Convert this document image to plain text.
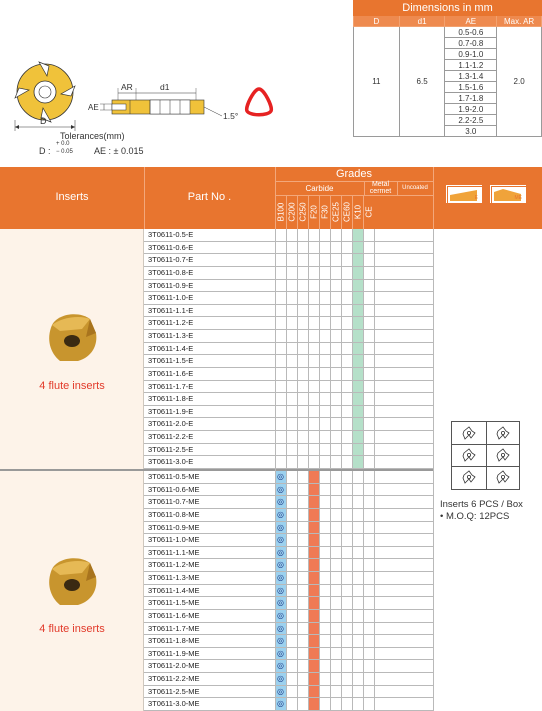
D
AR	d1
AE
1.5°
Tolerances(mm)
D :
+ 0.0
− 0.05 AE : ± 0.015
Dimensions in mm			
D	d1	AE	Max. AR
11	6.5	0.5-0.6	2.0
		0.7-0.8	
		0.9-1.0	
		1.1-1.2	
		1.3-1.4	
		1.5-1.6	
		1.7-1.8	
		1.9-2.0	
		2.2-2.5	
		3.0	
Inserts	Part No .
Grades
Carbide	Metal cermet	Uncoated
B100 C200 C250 F20 F30 CE25 CE60 K10 CE
E	ME
4 flute inserts
4 flute inserts
3T0611-0.5-E
3T0611-0.6-E
3T0611-0.7-E
3T0611-0.8-E
3T0611-0.9-E
3T0611-1.0-E
3T0611-1.1-E
3T0611-1.2-E
3T0611-1.3-E
3T0611-1.4-E
3T0611-1.5-E
3T0611-1.6-E
3T0611-1.7-E
3T0611-1.8-E
3T0611-1.9-E
3T0611-2.0-E
3T0611-2.2-E
3T0611-2.5-E
3T0611-3.0-E
3T0611-0.5-ME	◎
3T0611-0.6-ME	◎
3T0611-0.7-ME	◎
3T0611-0.8-ME	◎
3T0611-0.9-ME	◎
3T0611-1.0-ME	◎
3T0611-1.1-ME	◎
3T0611-1.2-ME	◎
3T0611-1.3-ME	◎
3T0611-1.4-ME	◎
3T0611-1.5-ME	◎
3T0611-1.6-ME	◎
3T0611-1.7-ME	◎
3T0611-1.8-ME	◎
3T0611-1.9-ME	◎
3T0611-2.0-ME	◎
3T0611-2.2-ME	◎
3T0611-2.5-ME	◎
3T0611-3.0-ME	◎
Inserts 6 PCS / Box
• M.O.Q: 12PCS
